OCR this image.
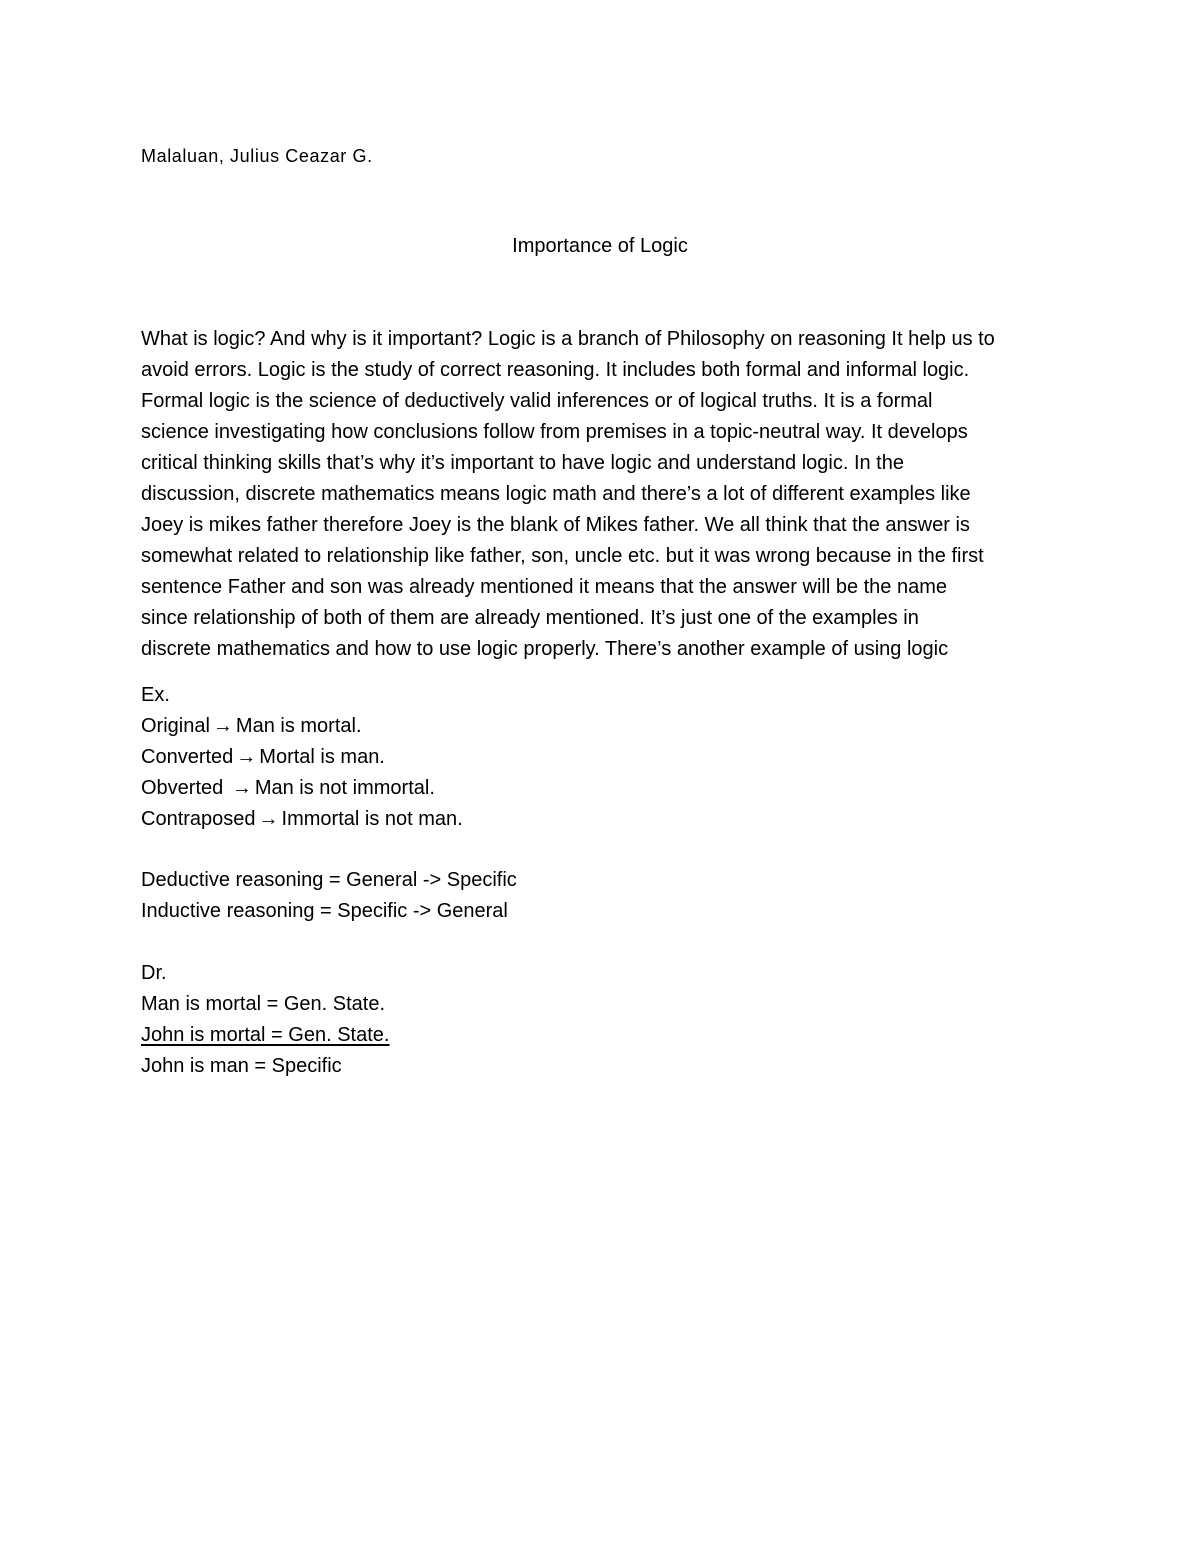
Malaluan, Julius Ceazar G.
Importance of Logic
What is logic? And why is it important? Logic is a branch of Philosophy on reasoning It help us to
avoid errors. Logic is the study of correct reasoning. It includes both formal and informal logic.
Formal logic is the science of deductively valid inferences or of logical truths. It is a formal
science investigating how conclusions follow from premises in a topic-neutral way. It develops
critical thinking skills that’s why it’s important to have logic and understand logic. In the
discussion, discrete mathematics means logic math and there’s a lot of different examples like
Joey is mikes father therefore Joey is the blank of Mikes father. We all think that the answer is
somewhat related to relationship like father, son, uncle etc. but it was wrong because in the first
sentence Father and son was already mentioned it means that the answer will be the name
since relationship of both of them are already mentioned. It’s just one of the examples in
discrete mathematics and how to use logic properly. There’s another example of using logic
Ex.
Original → Man is mortal.
Converted → Mortal is man.
Obverted → Man is not immortal.
Contraposed → Immortal is not man.
Deductive reasoning = General -> Specific
Inductive reasoning = Specific -> General
Dr.
Man is mortal = Gen. State.
John is mortal = Gen. State.
John is man = Specific
